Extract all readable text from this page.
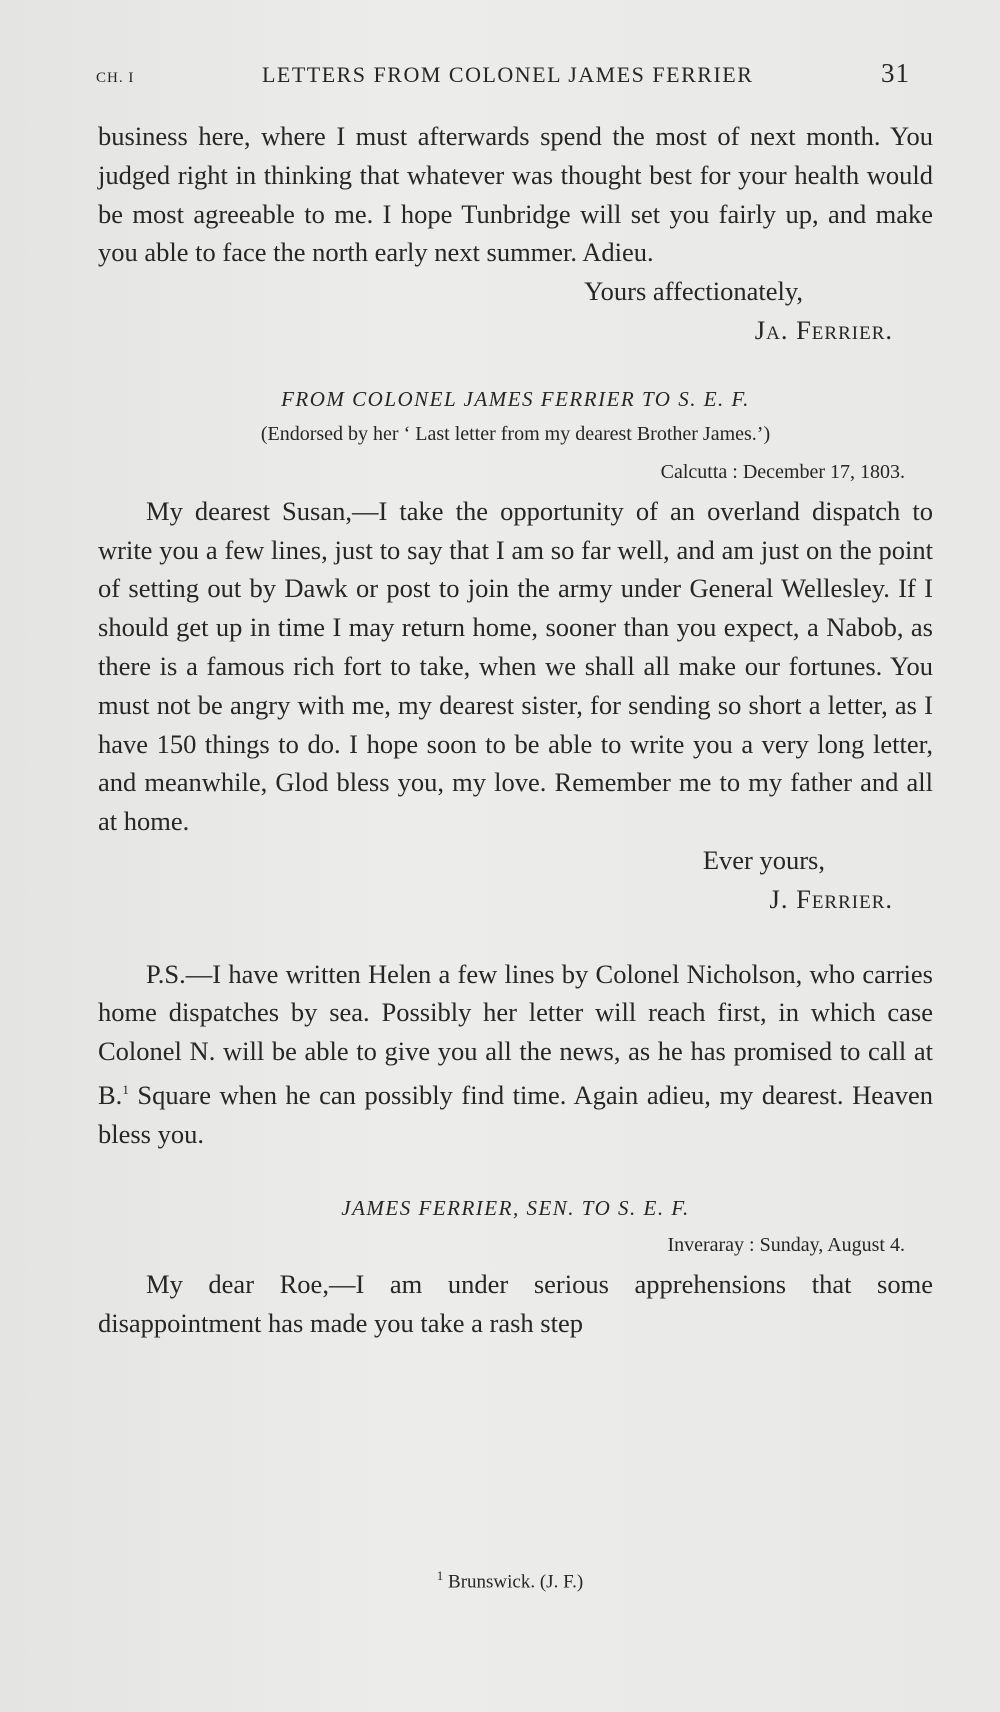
CH. I	LETTERS FROM COLONEL JAMES FERRIER	31

business here, where I must afterwards spend the most of next month. You judged right in thinking that whatever was thought best for your health would be most agreeable to me. I hope Tunbridge will set you fairly up, and make you able to face the north early next summer. Adieu.

Yours affectionately,
Ja. Ferrier.
FROM COLONEL JAMES FERRIER TO S. E. F.
(Endorsed by her ‘ Last letter from my dearest Brother James.’)
Calcutta : December 17, 1803.

My dearest Susan,—I take the opportunity of an overland dispatch to write you a few lines, just to say that I am so far well, and am just on the point of setting out by Dawk or post to join the army under General Wellesley. If I should get up in time I may return home, sooner than you expect, a Nabob, as there is a famous rich fort to take, when we shall all make our fortunes. You must not be angry with me, my dearest sister, for sending so short a letter, as I have 150 things to do. I hope soon to be able to write you a very long letter, and meanwhile, Glod bless you, my love. Remember me to my father and all at home.

Ever yours,
J. Ferrier.

P.S.—I have written Helen a few lines by Colonel Nicholson, who carries home dispatches by sea. Possibly her letter will reach first, in which case Colonel N. will be able to give you all the news, as he has promised to call at B.$^1$ Square when he can possibly find time. Again adieu, my dearest. Heaven bless you.

JAMES FERRIER, SEN. TO S. E. F.
Inveraray : Sunday, August 4.

My dear Roe,—I am under serious apprehensions that some disappointment has made you take a rash step

$^1$ Brunswick. (J. F.)
